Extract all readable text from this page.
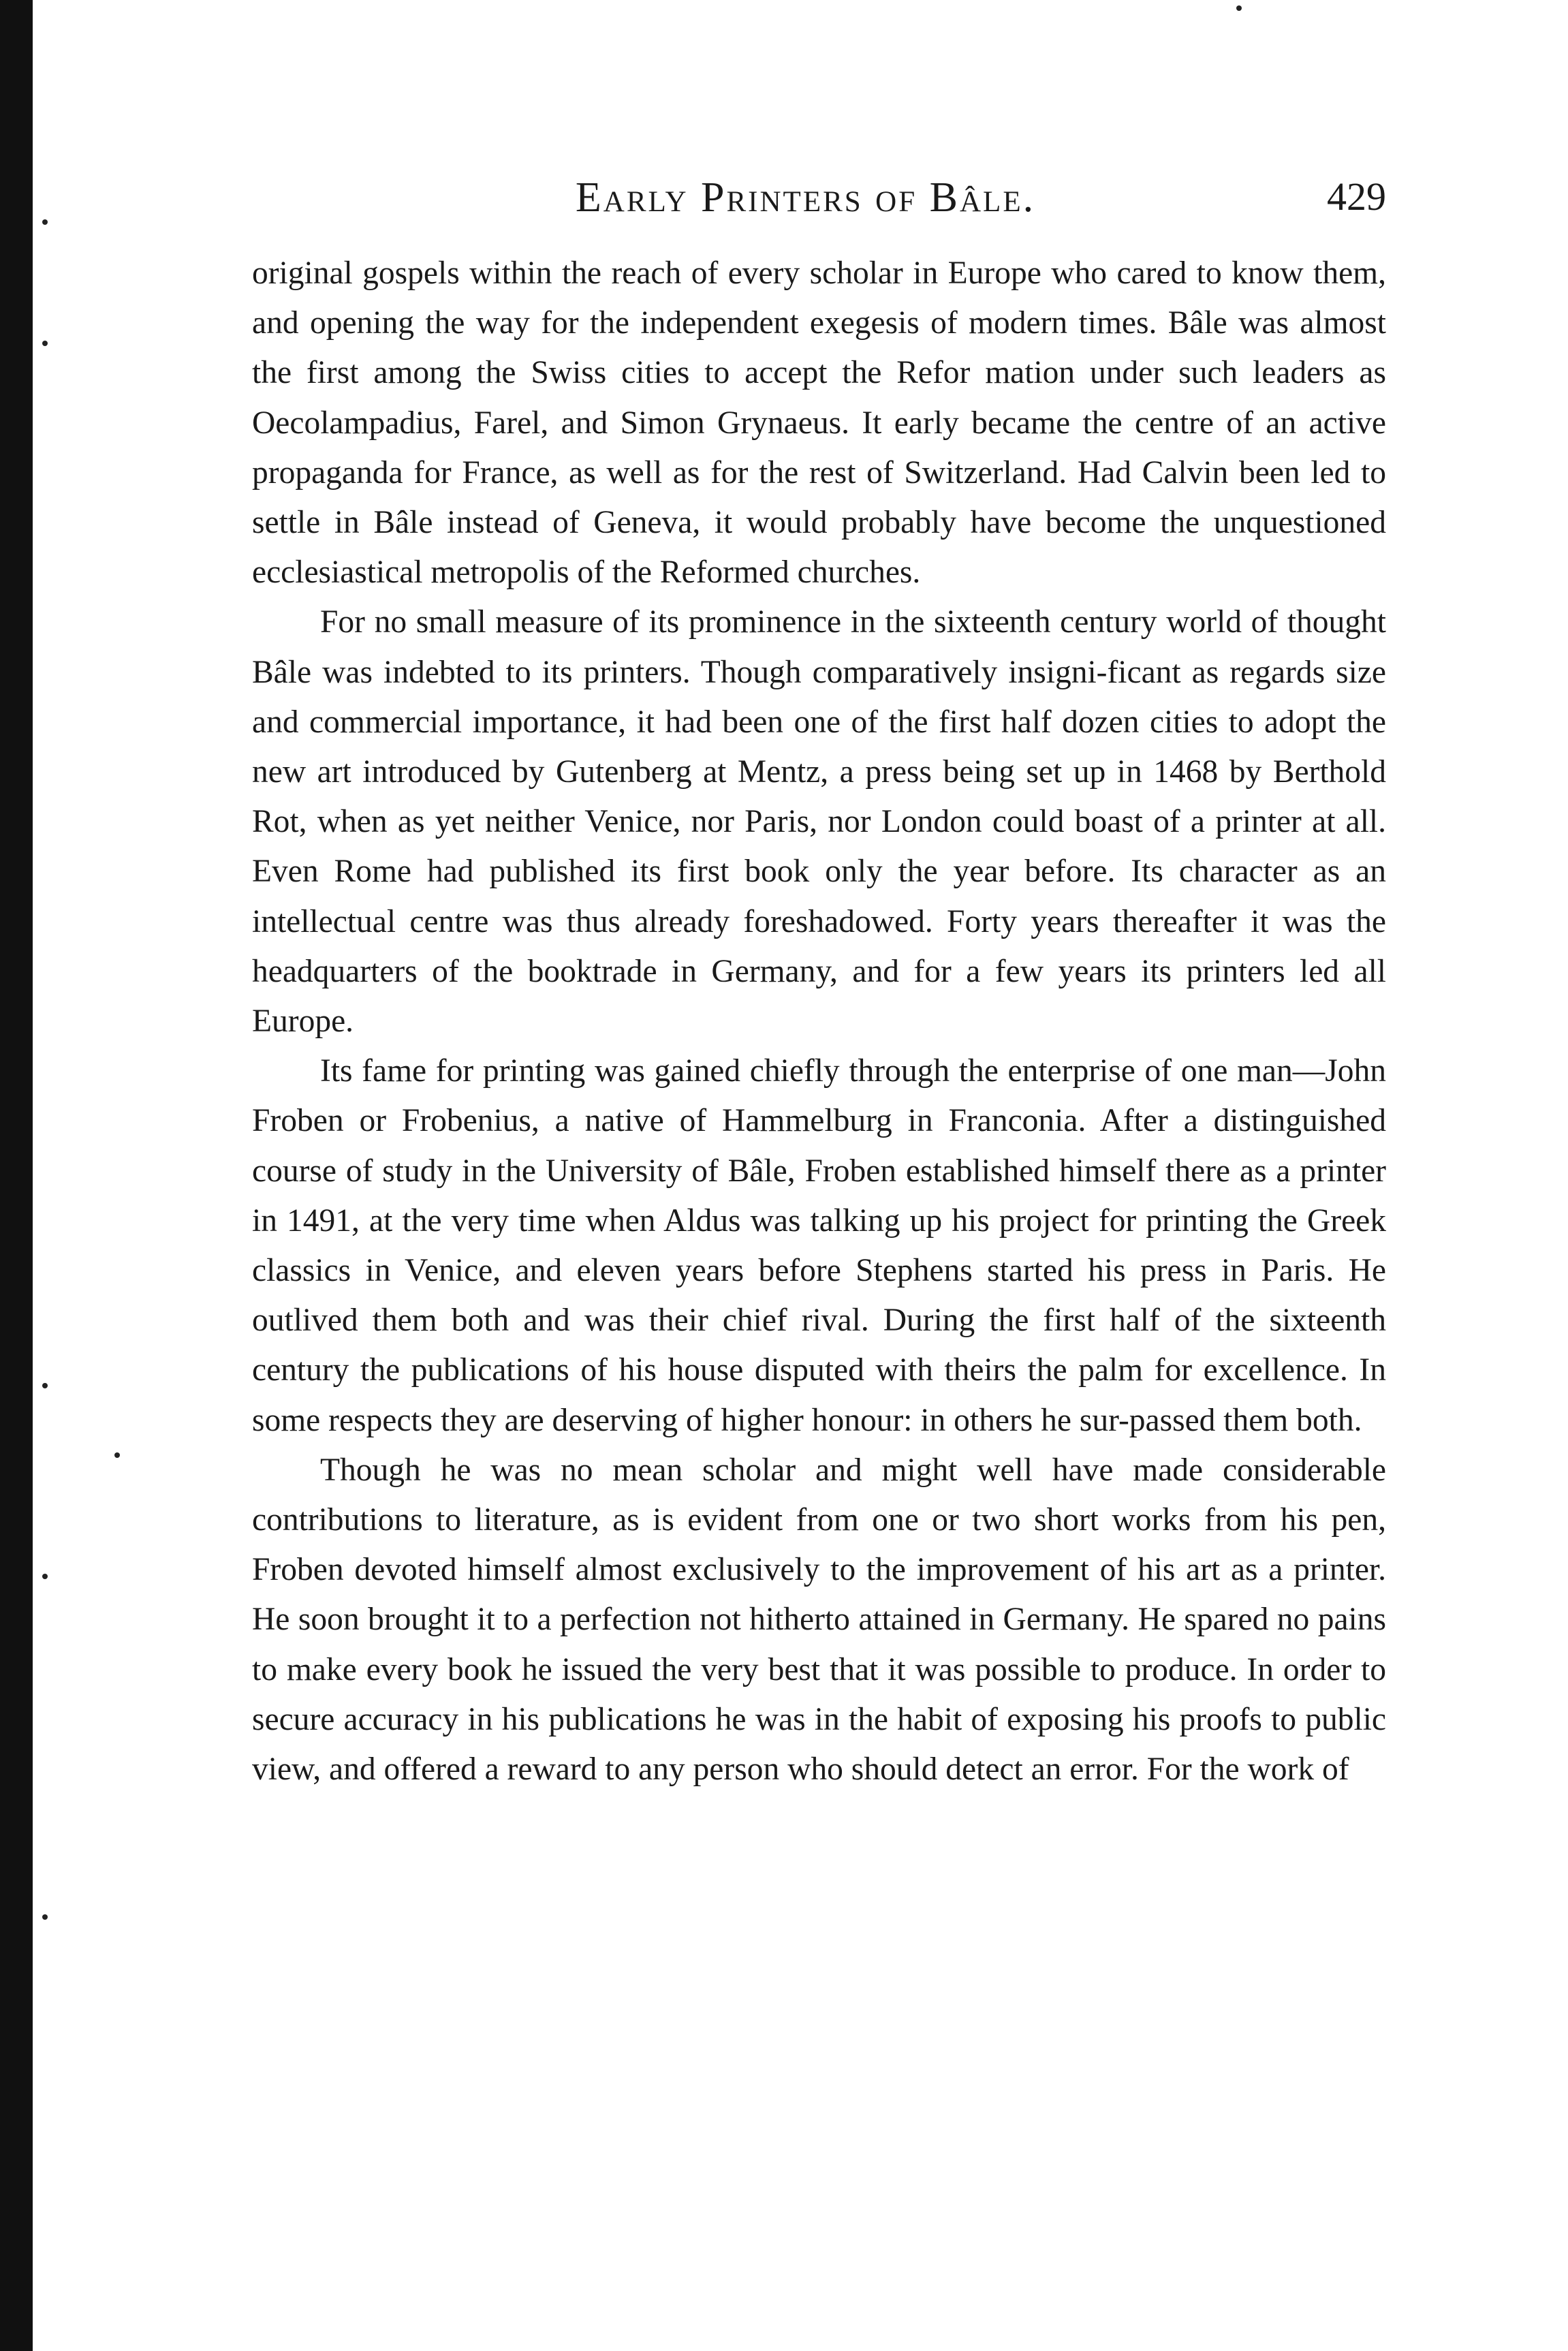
Early Printers of Bâle.	429

original gospels within the reach of every scholar in Europe who cared to know them, and opening the way for the independent exegesis of modern times. Bâle was almost the first among the Swiss cities to accept the Refor mation under such leaders as Oecolampadius, Farel, and Simon Grynaeus. It early became the centre of an active propaganda for France, as well as for the rest of Switzerland. Had Calvin been led to settle in Bâle instead of Geneva, it would probably have become the unquestioned ecclesiastical metropolis of the Reformed churches.

For no small measure of its prominence in the sixteenth century world of thought Bâle was indebted to its printers. Though comparatively insigni-ficant as regards size and commercial importance, it had been one of the first half dozen cities to adopt the new art introduced by Gutenberg at Mentz, a press being set up in 1468 by Berthold Rot, when as yet neither Venice, nor Paris, nor London could boast of a printer at all. Even Rome had published its first book only the year before. Its character as an intellectual centre was thus already foreshadowed. Forty years thereafter it was the headquarters of the booktrade in Germany, and for a few years its printers led all Europe.

Its fame for printing was gained chiefly through the enterprise of one man—John Froben or Frobenius, a native of Hammelburg in Franconia. After a distinguished course of study in the University of Bâle, Froben established himself there as a printer in 1491, at the very time when Aldus was talking up his project for printing the Greek classics in Venice, and eleven years before Stephens started his press in Paris. He outlived them both and was their chief rival. During the first half of the sixteenth century the publications of his house disputed with theirs the palm for excellence. In some respects they are deserving of higher honour: in others he sur-passed them both.

Though he was no mean scholar and might well have made considerable contributions to literature, as is evident from one or two short works from his pen, Froben devoted himself almost exclusively to the improvement of his art as a printer. He soon brought it to a perfection not hitherto attained in Germany. He spared no pains to make every book he issued the very best that it was possible to produce. In order to secure accuracy in his publications he was in the habit of exposing his proofs to public view, and offered a reward to any person who should detect an error. For the work of
